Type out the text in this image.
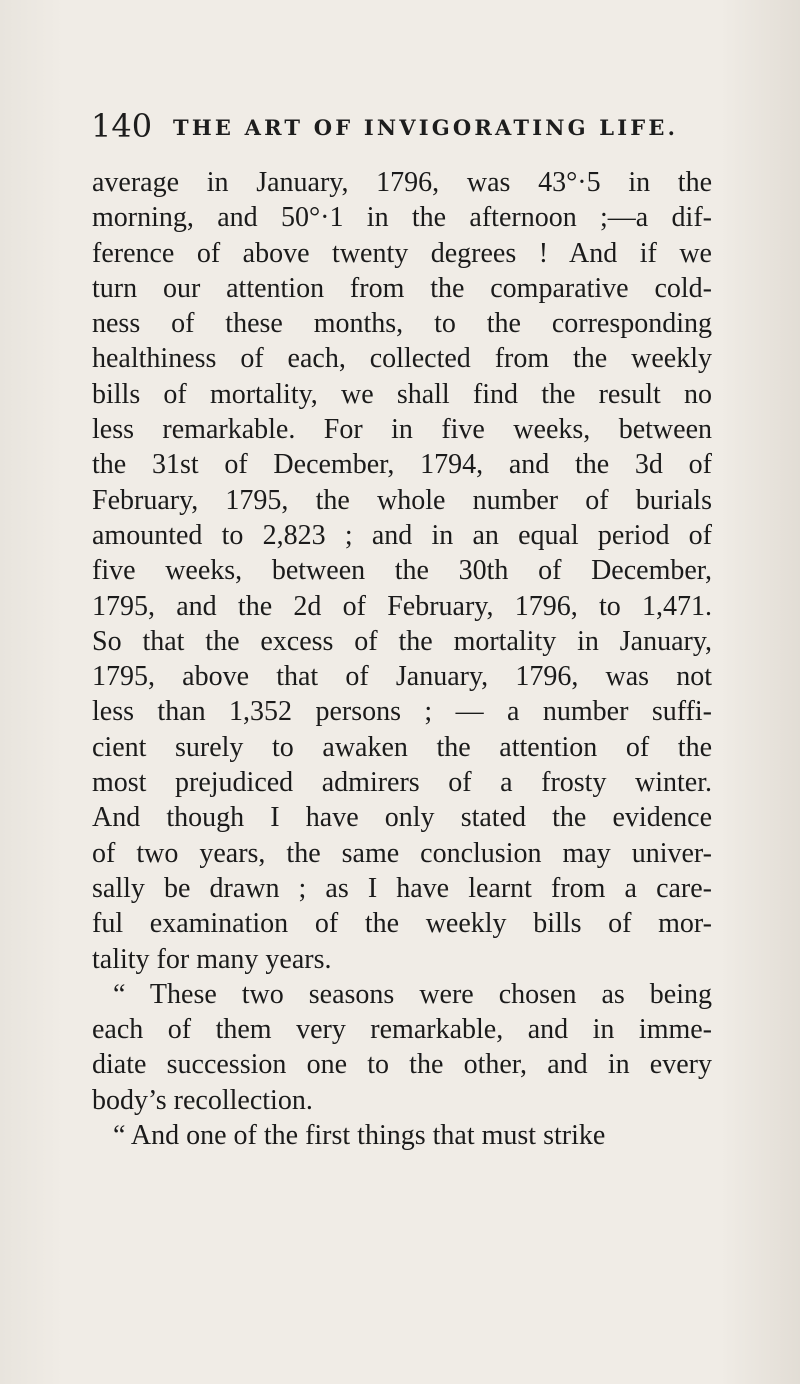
140 THE ART OF INVIGORATING LIFE.
average in January, 1796, was 43°·5 in the
morning, and 50°·1 in the afternoon ;—a dif-
ference of above twenty degrees ! And if we
turn our attention from the comparative cold-
ness of these months, to the corresponding
healthiness of each, collected from the weekly
bills of mortality, we shall find the result no
less remarkable. For in five weeks, between
the 31st of December, 1794, and the 3d of
February, 1795, the whole number of burials
amounted to 2,823 ; and in an equal period of
five weeks, between the 30th of December,
1795, and the 2d of February, 1796, to 1,471.
So that the excess of the mortality in January,
1795, above that of January, 1796, was not
less than 1,352 persons ; — a number suffi-
cient surely to awaken the attention of the
most prejudiced admirers of a frosty winter.
And though I have only stated the evidence
of two years, the same conclusion may univer-
sally be drawn ; as I have learnt from a care-
ful examination of the weekly bills of mor-
tality for many years.
“ These two seasons were chosen as being
each of them very remarkable, and in imme-
diate succession one to the other, and in every
body’s recollection.
“ And one of the first things that must strike
